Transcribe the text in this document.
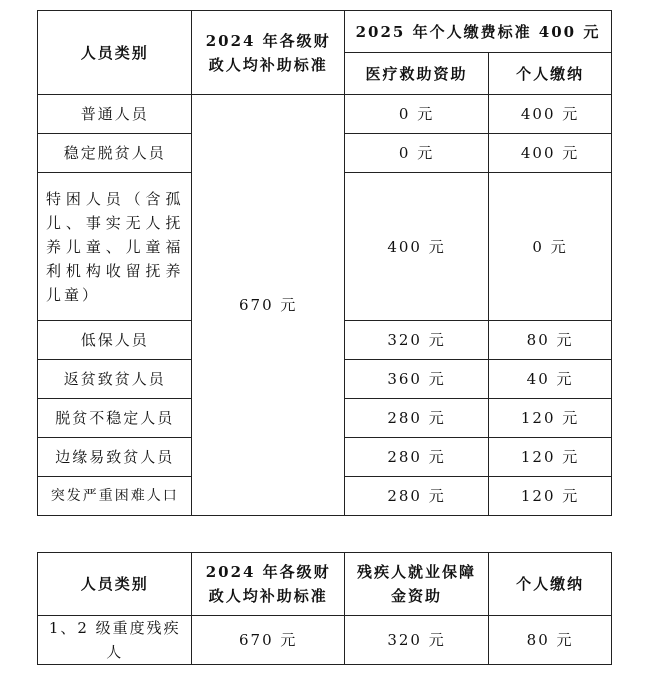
人员类别	2024 年各级财政人均补助标准	2025 年个人缴费标准 400 元	
		医疗救助资助	个人缴纳
普通人员	670 元	0 元	400 元
稳定脱贫人员		0 元	400 元
特困人员（含孤儿、事实无人抚养儿童、儿童福利机构收留抚养儿童）		400 元	0 元
低保人员		320 元	80 元
返贫致贫人员		360 元	40 元
脱贫不稳定人员		280 元	120 元
边缘易致贫人员		280 元	120 元
突发严重困难人口		280 元	120 元
人员类别	2024 年各级财政人均补助标准	残疾人就业保障金资助	个人缴纳
1、2 级重度残疾人	670 元	320 元	80 元
